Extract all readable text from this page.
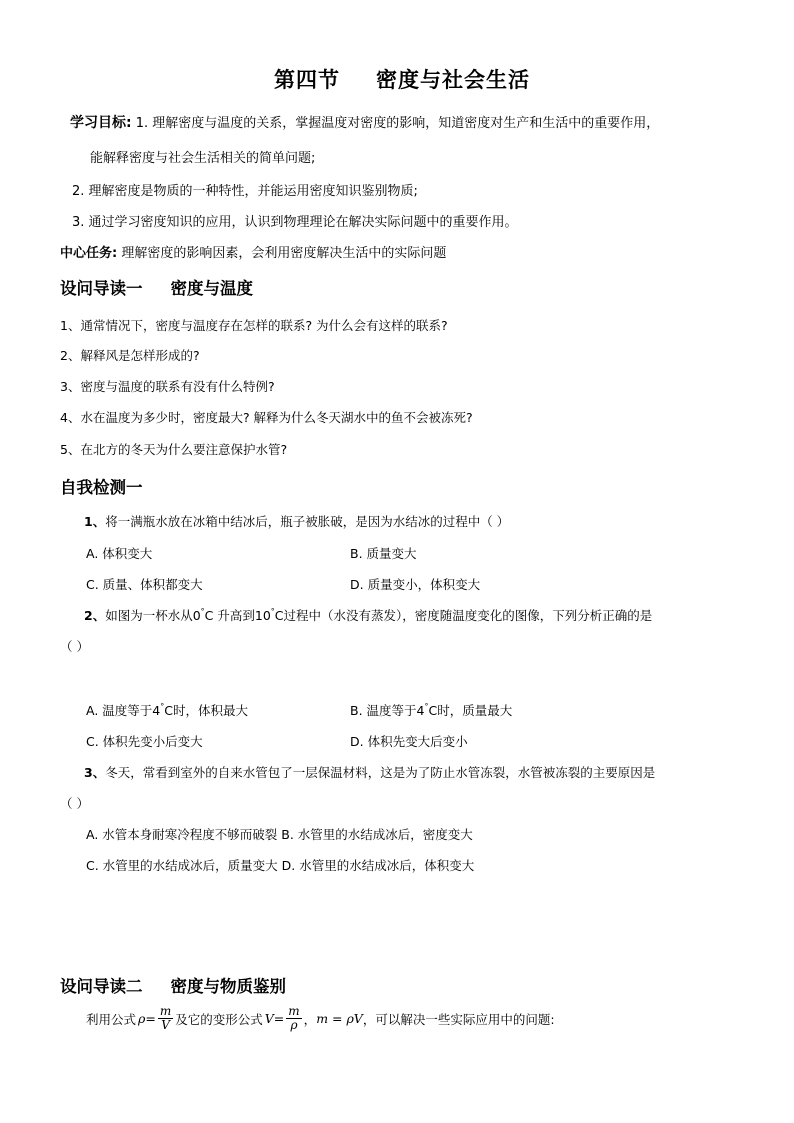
第四节 密度与社会生活
学习目标: 1. 理解密度与温度的关系，掌握温度对密度的影响，知道密度对生产和生活中的重要作用，
能解释密度与社会生活相关的简单问题;
2. 理解密度是物质的一种特性，并能运用密度知识鉴别物质;
3. 通过学习密度知识的应用，认识到物理理论在解决实际问题中的重要作用。
中心任务: 理解密度的影响因素，会利用密度解决生活中的实际问题
设问导读一 密度与温度
1、通常情况下，密度与温度存在怎样的联系? 为什么会有这样的联系?
2、解释风是怎样形成的?
3、密度与温度的联系有没有什么特例?
4、水在温度为多少时，密度最大? 解释为什么冬天湖水中的鱼不会被冻死?
5、在北方的冬天为什么要注意保护水管?
自我检测一
1、将一满瓶水放在冰箱中结冰后，瓶子被胀破，是因为水结冰的过程中（ ）
A. 体积变大	B. 质量变大
C. 质量、体积都变大	D. 质量变小，体积变大
2、如图为一杯水从0°C 升高到10°C过程中（水没有蒸发），密度随温度变化的图像，下列分析正确的是
（ ）
A. 温度等于4°C时，体积最大	B. 温度等于4°C时，质量最大
C. 体积先变小后变大	D. 体积先变大后变小
3、冬天，常看到室外的自来水管包了一层保温材料，这是为了防止水管冻裂，水管被冻裂的主要原因是
（ ）
A. 水管本身耐寒冷程度不够而破裂 B. 水管里的水结成冰后，密度变大
C. 水管里的水结成冰后，质量变大 D. 水管里的水结成冰后，体积变大
设问导读二 密度与物质鉴别
利用公式 $\rho = \frac{m}{V}$ 及它的变形公式 $V = \frac{m}{\rho}$ ， m = ρV ，可以解决一些实际应用中的问题:
